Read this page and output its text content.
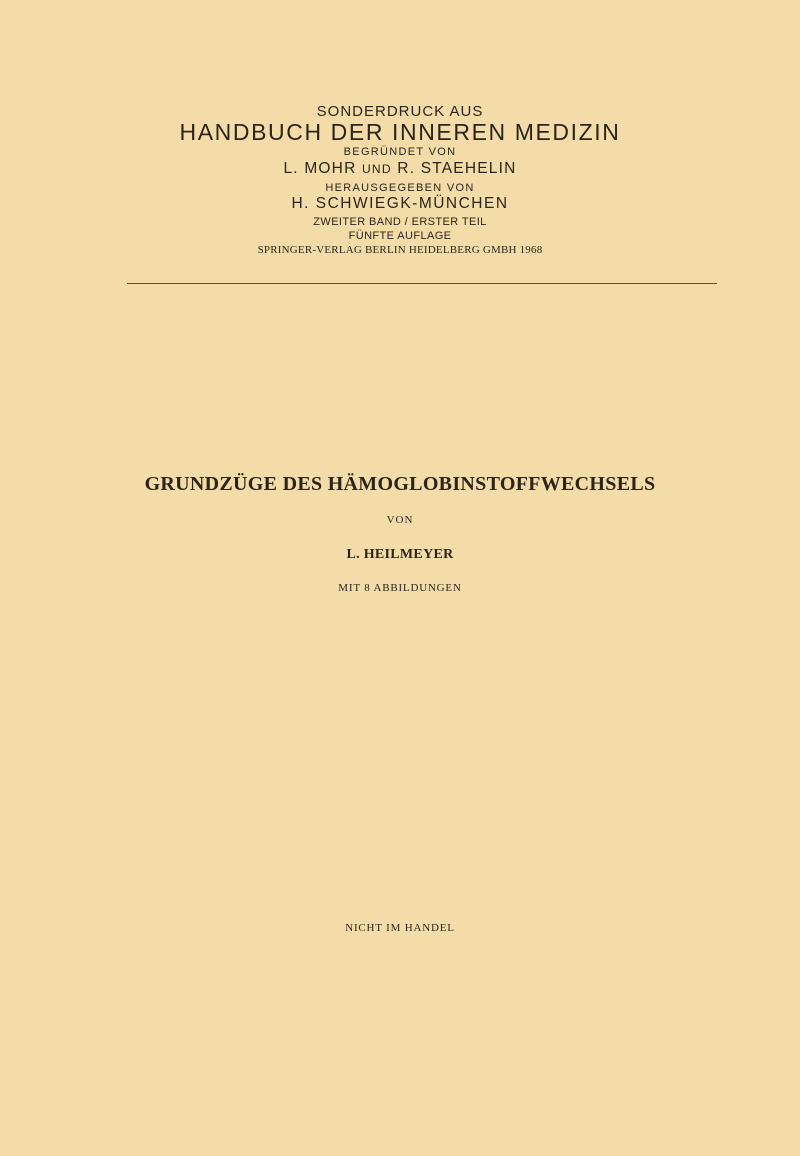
SONDERDRUCK AUS
HANDBUCH DER INNEREN MEDIZIN
BEGRÜNDET VON
L. MOHR UND R. STAEHELIN
HERAUSGEGEBEN VON
H. SCHWIEGK-MÜNCHEN
ZWEITER BAND / ERSTER TEIL
FÜNFTE AUFLAGE
SPRINGER-VERLAG BERLIN HEIDELBERG GMBH 1968
GRUNDZÜGE DES HÄMOGLOBINSTOFFWECHSELS
VON
L. HEILMEYER
MIT 8 ABBILDUNGEN
NICHT IM HANDEL
